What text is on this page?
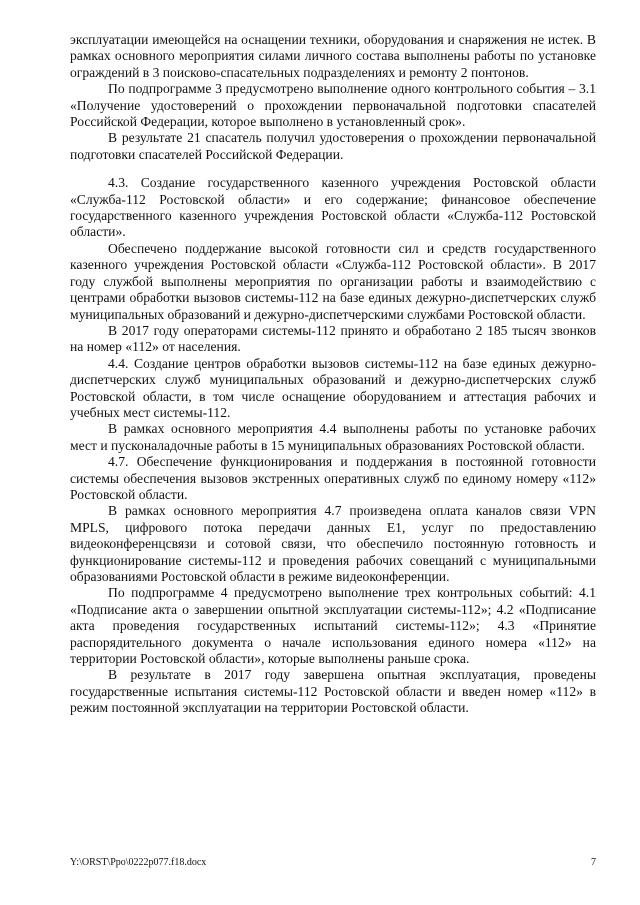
эксплуатации имеющейся на оснащении техники, оборудования и снаряжения не истек. В рамках основного мероприятия силами личного состава выполнены работы по установке ограждений в 3 поисково-спасательных подразделениях и ремонту 2 понтонов.

По подпрограмме 3 предусмотрено выполнение одного контрольного события – 3.1 «Получение удостоверений о прохождении первоначальной подготовки спасателей Российской Федерации, которое выполнено в установленный срок».

В результате 21 спасатель получил удостоверения о прохождении первоначальной подготовки спасателей Российской Федерации.

4.3. Создание государственного казенного учреждения Ростовской области «Служба-112 Ростовской области» и его содержание; финансовое обеспечение государственного казенного учреждения Ростовской области «Служба-112 Ростовской области».

Обеспечено поддержание высокой готовности сил и средств государственного казенного учреждения Ростовской области «Служба-112 Ростовской области». В 2017 году службой выполнены мероприятия по организации работы и взаимодействию с центрами обработки вызовов системы-112 на базе единых дежурно-диспетчерских служб муниципальных образований и дежурно-диспетчерскими службами Ростовской области.

В 2017 году операторами системы-112 принято и обработано 2 185 тысяч звонков на номер «112» от населения.

4.4. Создание центров обработки вызовов системы-112 на базе единых дежурно-диспетчерских служб муниципальных образований и дежурно-диспетчерских служб Ростовской области, в том числе оснащение оборудованием и аттестация рабочих и учебных мест системы-112.

В рамках основного мероприятия 4.4 выполнены работы по установке рабочих мест и пусконаладочные работы в 15 муниципальных образованиях Ростовской области.

4.7. Обеспечение функционирования и поддержания в постоянной готовности системы обеспечения вызовов экстренных оперативных служб по единому номеру «112» Ростовской области.

В рамках основного мероприятия 4.7 произведена оплата каналов связи VPN MPLS, цифрового потока передачи данных E1, услуг по предоставлению видеоконференцсвязи и сотовой связи, что обеспечило постоянную готовность и функционирование системы-112 и проведения рабочих совещаний с муниципальными образованиями Ростовской области в режиме видеоконференции.

По подпрограмме 4 предусмотрено выполнение трех контрольных событий: 4.1 «Подписание акта о завершении опытной эксплуатации системы-112»; 4.2 «Подписание акта проведения государственных испытаний системы-112»; 4.3 «Принятие распорядительного документа о начале использования единого номера «112» на территории Ростовской области», которые выполнены раньше срока.

В результате в 2017 году завершена опытная эксплуатация, проведены государственные испытания системы-112 Ростовской области и введен номер «112» в режим постоянной эксплуатации на территории Ростовской области.

Y:\ORST\Ppo\0222p077.f18.docx	7
